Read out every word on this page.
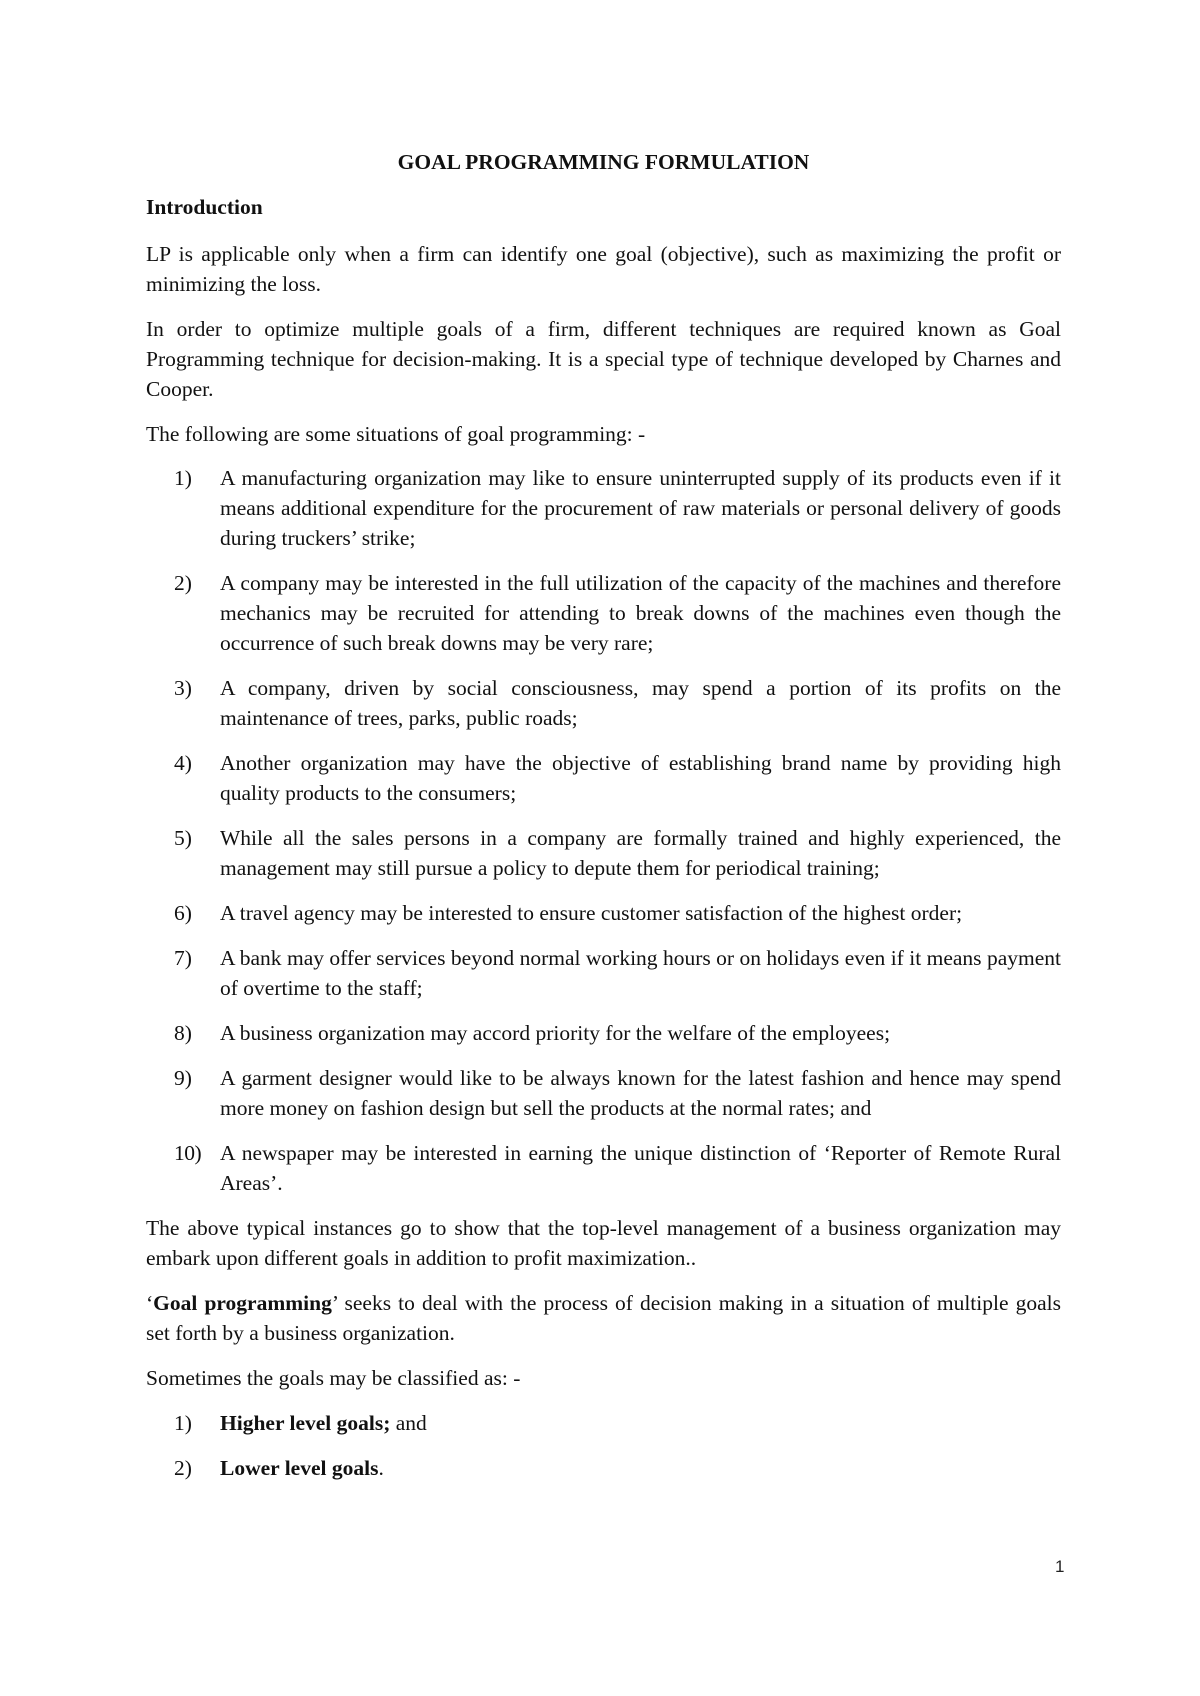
GOAL PROGRAMMING FORMULATION
Introduction

LP is applicable only when a firm can identify one goal (objective), such as maximizing the profit or minimizing the loss.

In order to optimize multiple goals of a firm, different techniques are required known as Goal Programming technique for decision-making. It is a special type of technique developed by Charnes and Cooper.

The following are some situations of goal programming: -

1) A manufacturing organization may like to ensure uninterrupted supply of its products even if it means additional expenditure for the procurement of raw materials or personal delivery of goods during truckers’ strike;
2) A company may be interested in the full utilization of the capacity of the machines and therefore mechanics may be recruited for attending to break downs of the machines even though the occurrence of such break downs may be very rare;
3) A company, driven by social consciousness, may spend a portion of its profits on the maintenance of trees, parks, public roads;
4) Another organization may have the objective of establishing brand name by providing high quality products to the consumers;
5) While all the sales persons in a company are formally trained and highly experienced, the management may still pursue a policy to depute them for periodical training;
6) A travel agency may be interested to ensure customer satisfaction of the highest order;
7) A bank may offer services beyond normal working hours or on holidays even if it means payment of overtime to the staff;
8) A business organization may accord priority for the welfare of the employees;
9) A garment designer would like to be always known for the latest fashion and hence may spend more money on fashion design but sell the products at the normal rates; and
10) A newspaper may be interested in earning the unique distinction of ‘Reporter of Remote Rural Areas’.

The above typical instances go to show that the top-level management of a business organization may embark upon different goals in addition to profit maximization..

‘Goal programming’ seeks to deal with the process of decision making in a situation of multiple goals set forth by a business organization.

Sometimes the goals may be classified as: -

1) Higher level goals; and
2) Lower level goals.
1
